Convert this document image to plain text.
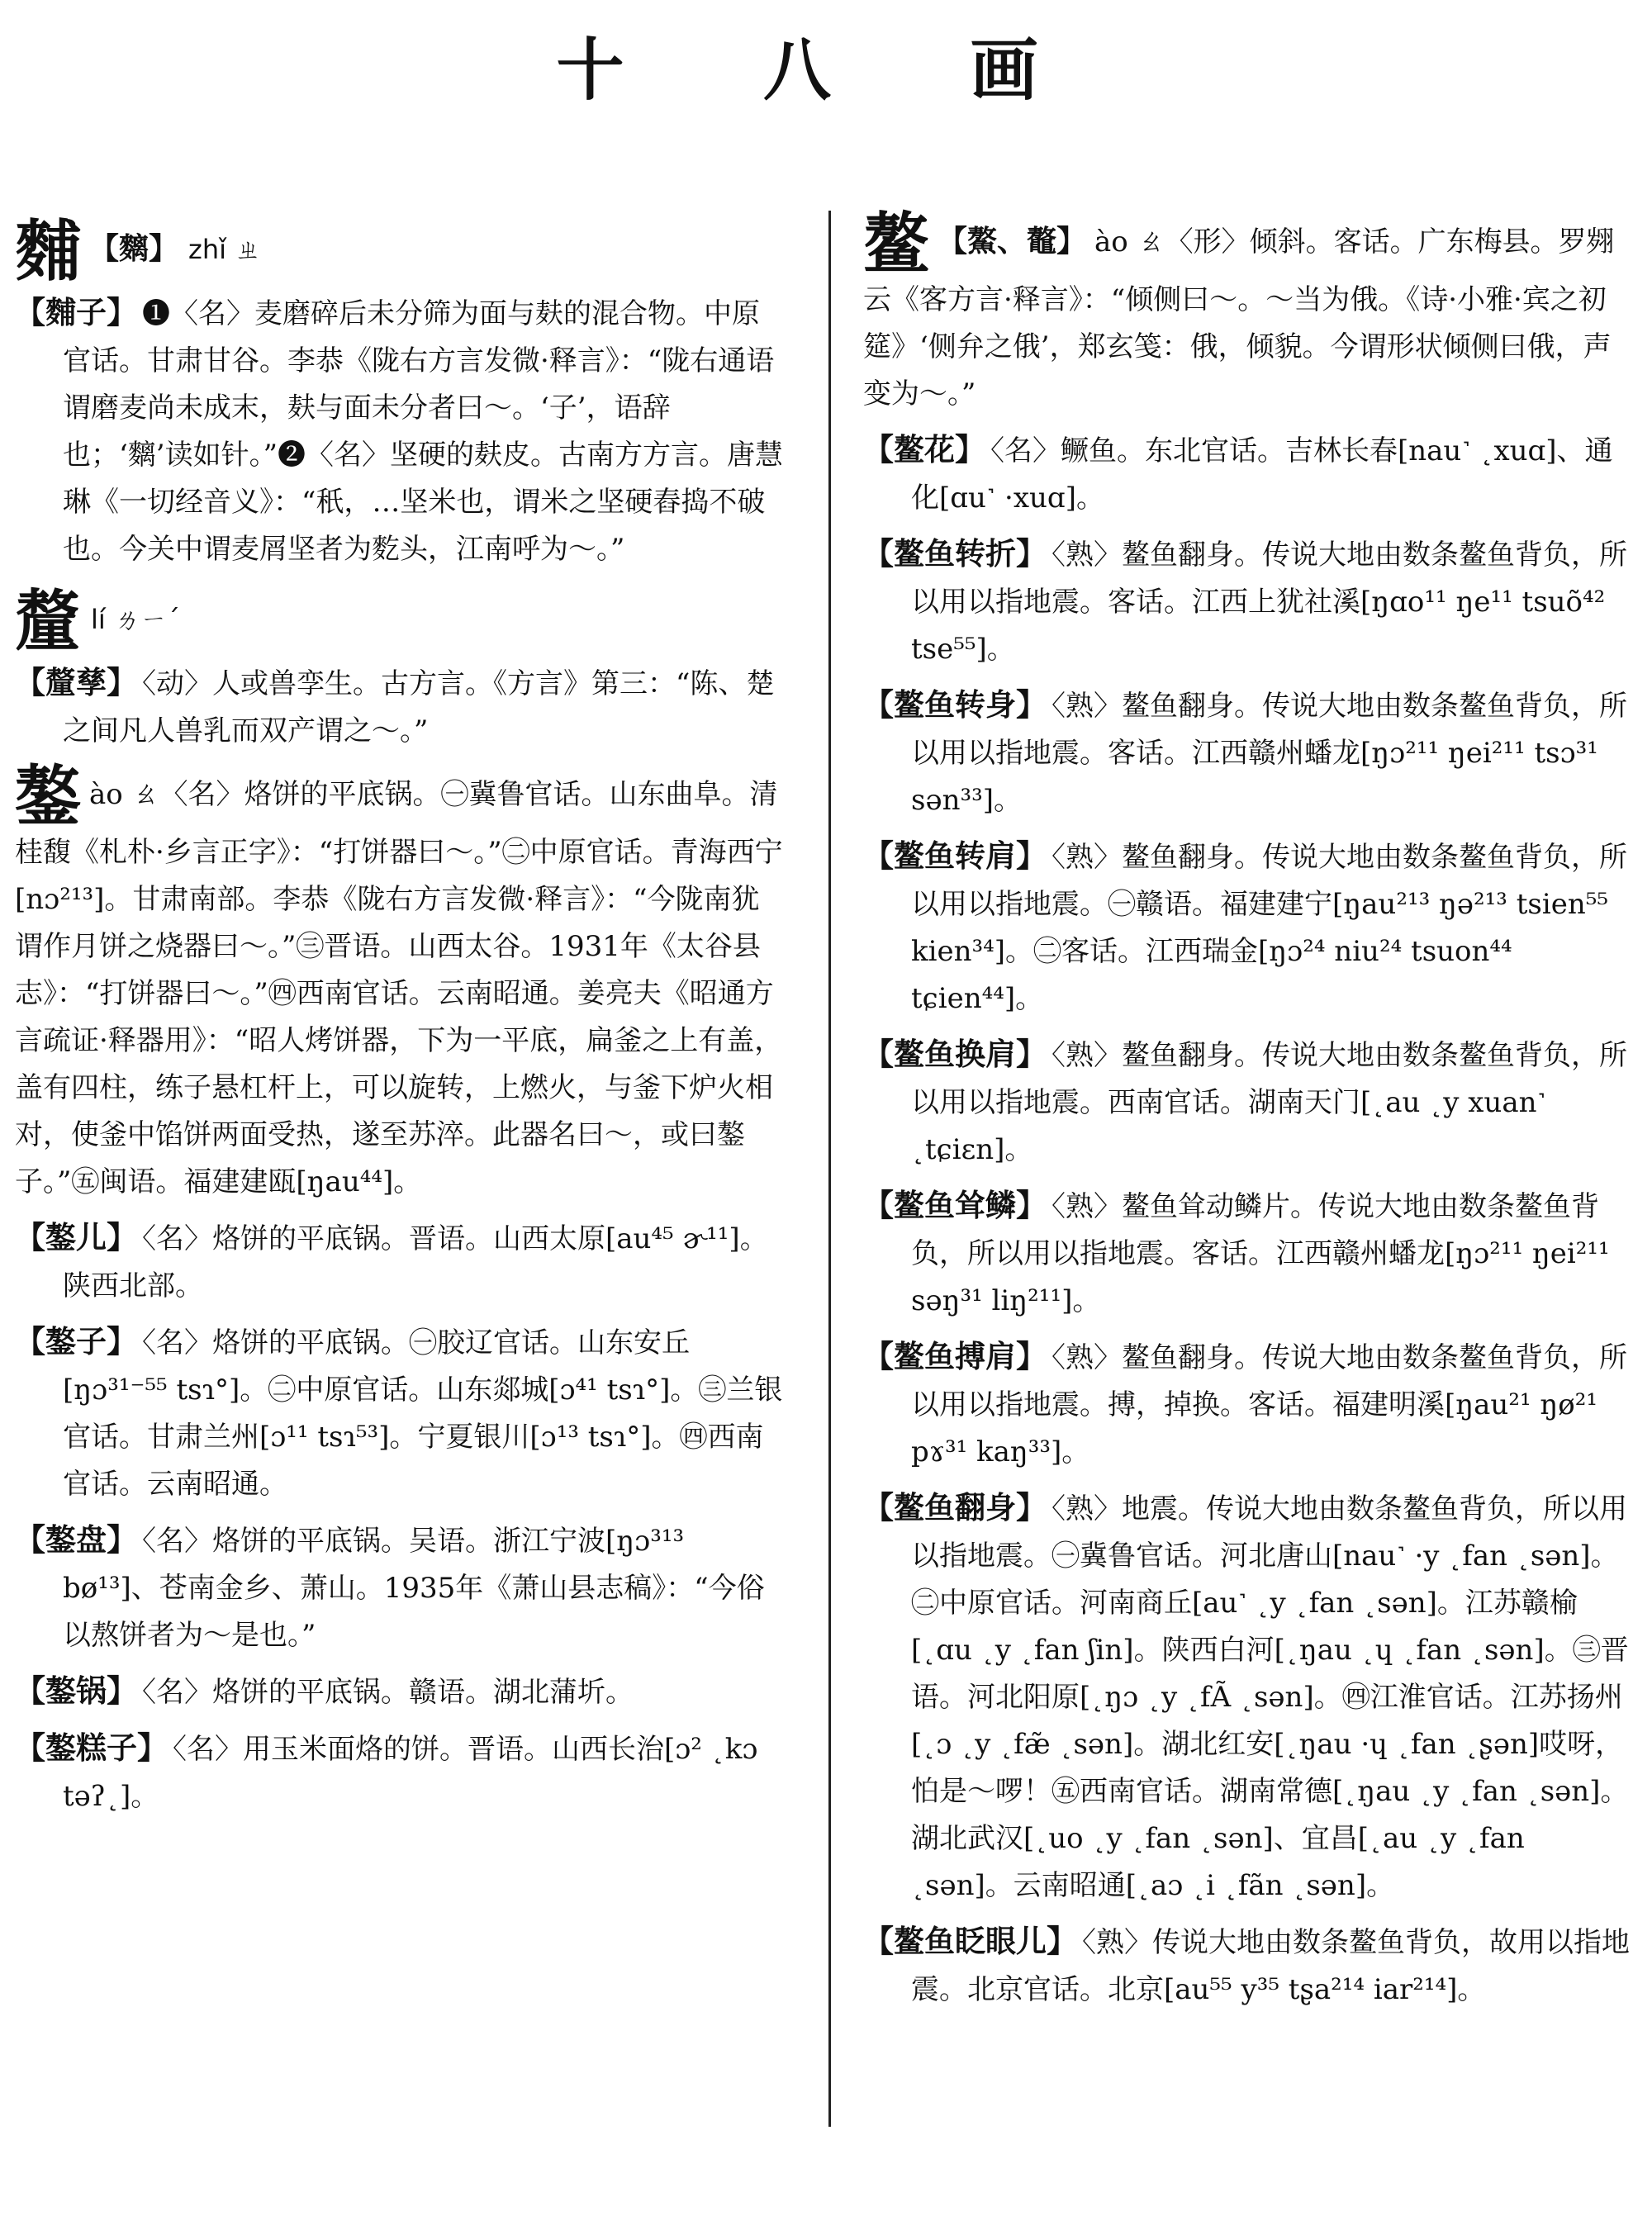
十 八 画
麱 【麶】 zhǐ ㄓ

【麱子】 ❶〈名〉麦磨碎后未分筛为面与麸的混合物。中原官话。甘肃甘谷。李恭《陇右方言发微·释言》：“陇右通语谓磨麦尚未成末，麸与面未分者曰～。‘子’，语辞也；‘麶’读如针。”❷〈名〉坚硬的麸皮。古南方方言。唐慧琳《一切经音义》：“秖，…坚米也，谓米之坚硬舂捣不破也。今关中谓麦屑坚者为麧头，江南呼为～。”

釐lí ㄌㄧˊ

【釐孳】 〈动〉人或兽孪生。古方言。《方言》第三：“陈、楚之间凡人兽乳而双产谓之～。”

鏊ào ㄠ〈名〉烙饼的平底锅。㊀冀鲁官话。山东曲阜。清桂馥《札朴·乡言正字》：“打饼器曰～。”㊁中原官话。青海西宁[nɔ²¹³]。甘肃南部。李恭《陇右方言发微·释言》：“今陇南犹谓作月饼之烧器曰～。”㊂晋语。山西太谷。1931年《太谷县志》：“打饼器曰～。”㊃西南官话。云南昭通。姜亮夫《昭通方言疏证·释器用》：“昭人烤饼器，下为一平底，扁釜之上有盖，盖有四柱，练子悬杠杆上，可以旋转，上燃火，与釜下炉火相对，使釜中馅饼两面受热，遂至苏淬。此器名曰～，或曰鏊子。”㊄闽语。福建建瓯[ŋau⁴⁴]。

【鏊儿】 〈名〉烙饼的平底锅。晋语。山西太原[au⁴⁵ ɚ¹¹]。陕西北部。

【鏊子】 〈名〉烙饼的平底锅。㊀胶辽官话。山东安丘[ŋɔ³¹⁻⁵⁵ tsɿ°]。㊁中原官话。山东郯城[ɔ⁴¹ tsɿ°]。㊂兰银官话。甘肃兰州[ɔ¹¹ tsɿ⁵³]。宁夏银川[ɔ¹³ tsɿ°]。㊃西南官话。云南昭通。

【鏊盘】 〈名〉烙饼的平底锅。吴语。浙江宁波[ŋɔ³¹³ bø¹³]、苍南金乡、萧山。1935年《萧山县志稿》：“今俗以熬饼者为～是也。”

【鏊锅】 〈名〉烙饼的平底锅。赣语。湖北蒲圻。

【鏊糕子】 〈名〉用玉米面烙的饼。晋语。山西长治[ɔ² ˛kɔ təʔ˛]。

鳌 【鰲、鼇】 ào ㄠ〈形〉倾斜。客话。广东梅县。罗翙云《客方言·释言》：“倾侧曰～。～当为俄。《诗·小雅·宾之初筵》‘侧弁之俄’，郑玄笺：俄，倾貌。今谓形状倾侧曰俄，声变为～。”

【鳌花】 〈名〉鳜鱼。东北官话。吉林长春[nau˺ ˛xuɑ]、通化[ɑu˺ ·xuɑ]。

【鳌鱼转折】 〈熟〉鳌鱼翻身。传说大地由数条鳌鱼背负，所以用以指地震。客话。江西上犹社溪[ŋɑo¹¹ ŋe¹¹ tsuõ⁴² tse⁵⁵]。

【鳌鱼转身】 〈熟〉鳌鱼翻身。传说大地由数条鳌鱼背负，所以用以指地震。客话。江西赣州蟠龙[ŋɔ²¹¹ ŋei²¹¹ tsɔ³¹ sən³³]。

【鳌鱼转肩】 〈熟〉鳌鱼翻身。传说大地由数条鳌鱼背负，所以用以指地震。㊀赣语。福建建宁[ŋau²¹³ ŋə²¹³ tsien⁵⁵ kien³⁴]。㊁客话。江西瑞金[ŋɔ²⁴ niu²⁴ tsuon⁴⁴ tɕien⁴⁴]。

【鳌鱼换肩】 〈熟〉鳌鱼翻身。传说大地由数条鳌鱼背负，所以用以指地震。西南官话。湖南天门[˛au ˛y xuan˺ ˛tɕiɛn]。

【鳌鱼耸鳞】 〈熟〉鳌鱼耸动鳞片。传说大地由数条鳌鱼背负，所以用以指地震。客话。江西赣州蟠龙[ŋɔ²¹¹ ŋei²¹¹ səŋ³¹ liŋ²¹¹]。

【鳌鱼搏肩】 〈熟〉鳌鱼翻身。传说大地由数条鳌鱼背负，所以用以指地震。搏，掉换。客话。福建明溪[ŋau²¹ ŋø²¹ pɤ³¹ kaŋ³³]。

【鳌鱼翻身】 〈熟〉地震。传说大地由数条鳌鱼背负，所以用以指地震。㊀冀鲁官话。河北唐山[nau˺ ·y ˛fan ˛sən]。㊁中原官话。河南商丘[au˺ ˛y ˛fan ˛sən]。江苏赣榆[˛ɑu ˛y ˛fan ʃin]。陕西白河[˛ŋau ˛ɥ ˛fan ˛sən]。㊂晋语。河北阳原[˛ŋɔ ˛y ˛fÃ ˛sən]。㊃江淮官话。江苏扬州[˛ɔ ˛y ˛fæ̃ ˛sən]。湖北红安[˛ŋau ·ɥ ˛fan ˛ʂən]哎呀，怕是～啰！㊄西南官话。湖南常德[˛ŋau ˛y ˛fan ˛sən]。湖北武汉[˛uo ˛y ˛fan ˛sən]、宜昌[˛au ˛y ˛fan ˛sən]。云南昭通[˛aɔ ˛i ˛fãn ˛sən]。

【鳌鱼眨眼儿】 〈熟〉传说大地由数条鳌鱼背负，故用以指地震。北京官话。北京[au⁵⁵ y³⁵ tʂa²¹⁴ iar²¹⁴]。
